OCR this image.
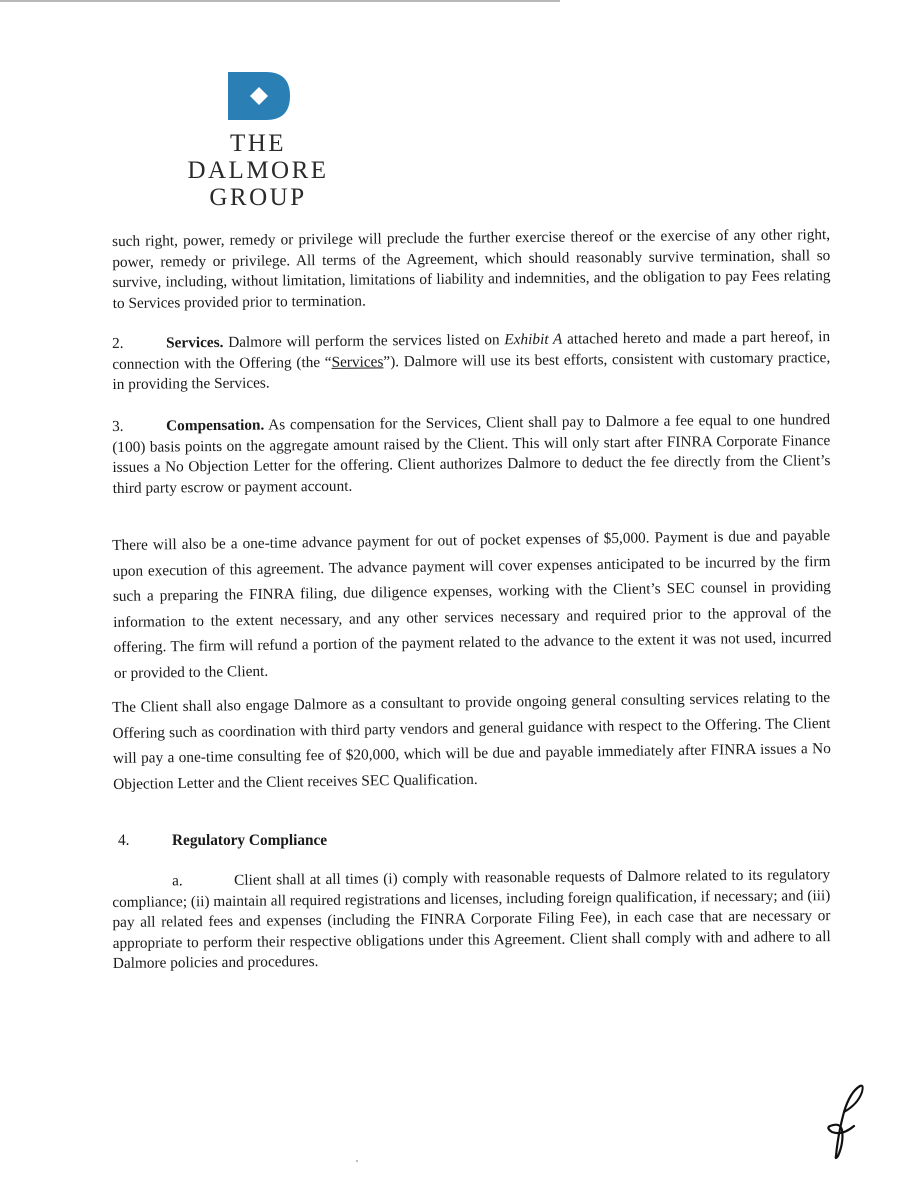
THE
DALMORE
GROUP

such right, power, remedy or privilege will preclude the further exercise thereof or the exercise of any other right, power, remedy or privilege. All terms of the Agreement, which should reasonably survive termination, shall so survive, including, without limitation, limitations of liability and indemnities, and the obligation to pay Fees relating to Services provided prior to termination.

2.	Services. Dalmore will perform the services listed on Exhibit A attached hereto and made a part hereof, in connection with the Offering (the “Services”). Dalmore will use its best efforts, consistent with customary practice, in providing the Services.

3.	Compensation. As compensation for the Services, Client shall pay to Dalmore a fee equal to one hundred (100) basis points on the aggregate amount raised by the Client. This will only start after FINRA Corporate Finance issues a No Objection Letter for the offering. Client authorizes Dalmore to deduct the fee directly from the Client’s third party escrow or payment account.

There will also be a one-time advance payment for out of pocket expenses of $5,000. Payment is due and payable upon execution of this agreement. The advance payment will cover expenses anticipated to be incurred by the firm such a preparing the FINRA filing, due diligence expenses, working with the Client’s SEC counsel in providing information to the extent necessary, and any other services necessary and required prior to the approval of the offering. The firm will refund a portion of the payment related to the advance to the extent it was not used, incurred or provided to the Client.

The Client shall also engage Dalmore as a consultant to provide ongoing general consulting services relating to the Offering such as coordination with third party vendors and general guidance with respect to the Offering. The Client will pay a one-time consulting fee of $20,000, which will be due and payable immediately after FINRA issues a No Objection Letter and the Client receives SEC Qualification.

4.	Regulatory Compliance

a.	Client shall at all times (i) comply with reasonable requests of Dalmore related to its regulatory compliance; (ii) maintain all required registrations and licenses, including foreign qualification, if necessary; and (iii) pay all related fees and expenses (including the FINRA Corporate Filing Fee), in each case that are necessary or appropriate to perform their respective obligations under this Agreement. Client shall comply with and adhere to all Dalmore policies and procedures.
